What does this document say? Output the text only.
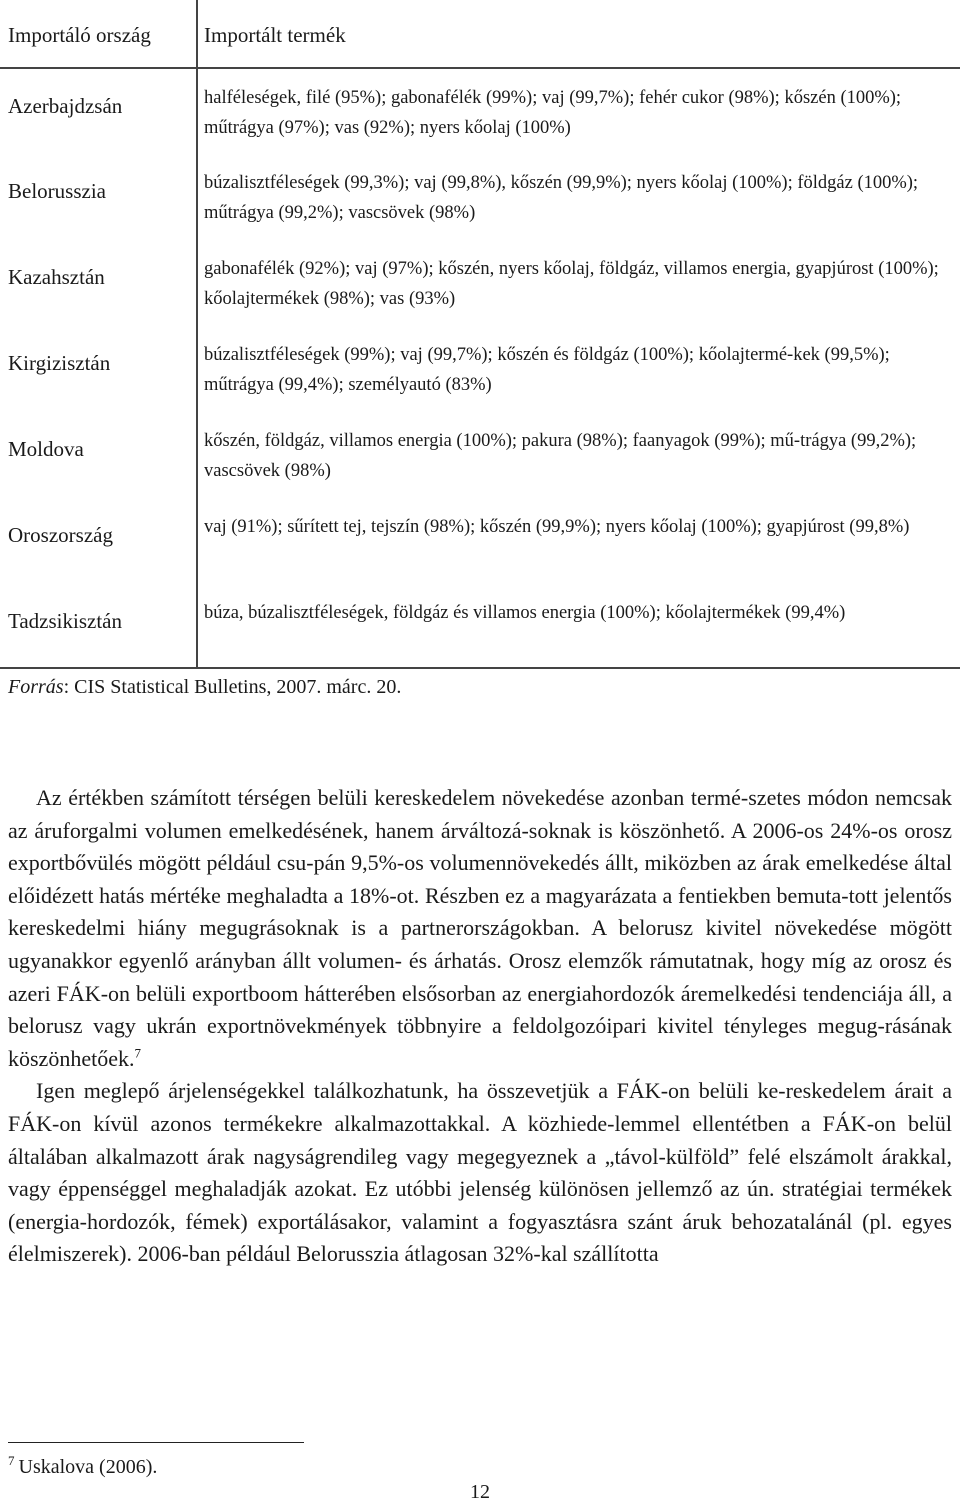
Importáló ország	Importált termék
Azerbajdzsán	halféleségek, filé (95%); gabonafélék (99%); vaj (99,7%); fehér cukor (98%); kőszén (100%); műtrágya (97%); vas (92%); nyers kőolaj (100%)
Belorusszia	búzalisztféleségek (99,3%); vaj (99,8%), kőszén (99,9%); nyers kőolaj (100%); földgáz (100%); műtrágya (99,2%); vascsövek (98%)
Kazahsztán	gabonafélék (92%); vaj (97%); kőszén, nyers kőolaj, földgáz, villamos energia, gyapjúrost (100%); kőolajtermékek (98%); vas (93%)
Kirgizisztán	búzalisztféleségek (99%); vaj (99,7%); kőszén és földgáz (100%); kőolajtermé-kek (99,5%); műtrágya (99,4%); személyautó (83%)
Moldova	kőszén, földgáz, villamos energia (100%); pakura (98%); faanyagok (99%); mű-trágya (99,2%); vascsövek (98%)
Oroszország	vaj (91%); sűrített tej, tejszín (98%); kőszén (99,9%); nyers kőolaj (100%); gyapjúrost (99,8%)
Tadzsikisztán	búza, búzalisztféleségek, földgáz és villamos energia (100%); kőolajtermékek (99,4%)
Forrás: CIS Statistical Bulletins, 2007. márc. 20.

Az értékben számított térségen belüli kereskedelem növekedése azonban termé-szetes módon nemcsak az áruforgalmi volumen emelkedésének, hanem árváltozá-soknak is köszönhető. A 2006-os 24%-os orosz exportbővülés mögött például csu-pán 9,5%-os volumennövekedés állt, miközben az árak emelkedése által előidézett hatás mértéke meghaladta a 18%-ot. Részben ez a magyarázata a fentiekben bemuta-tott jelentős kereskedelmi hiány megugrásoknak is a partnerországokban. A belorusz kivitel növekedése mögött ugyanakkor egyenlő arányban állt volumen- és árhatás. Orosz elemzők rámutatnak, hogy míg az orosz és azeri FÁK-on belüli exportboom hátterében elsősorban az energiahordozók áremelkedési tendenciája áll, a belorusz vagy ukrán exportnövekmények többnyire a feldolgozóipari kivitel tényleges megug-rásának köszönhetőek.$^7$

Igen meglepő árjelenségekkel találkozhatunk, ha összevetjük a FÁK-on belüli ke-reskedelem árait a FÁK-on kívül azonos termékekre alkalmazottakkal. A közhiede-lemmel ellentétben a FÁK-on belül általában alkalmazott árak nagyságrendileg vagy megegyeznek a „távol-külföld” felé elszámolt árakkal, vagy éppenséggel meghaladják azokat. Ez utóbbi jelenség különösen jellemző az ún. stratégiai termékek (energia-hordozók, fémek) exportálásakor, valamint a fogyasztásra szánt áruk behozatalánál (pl. egyes élelmiszerek). 2006-ban például Belorusszia átlagosan 32%-kal szállította

$^7$ Uskalova (2006).
12
